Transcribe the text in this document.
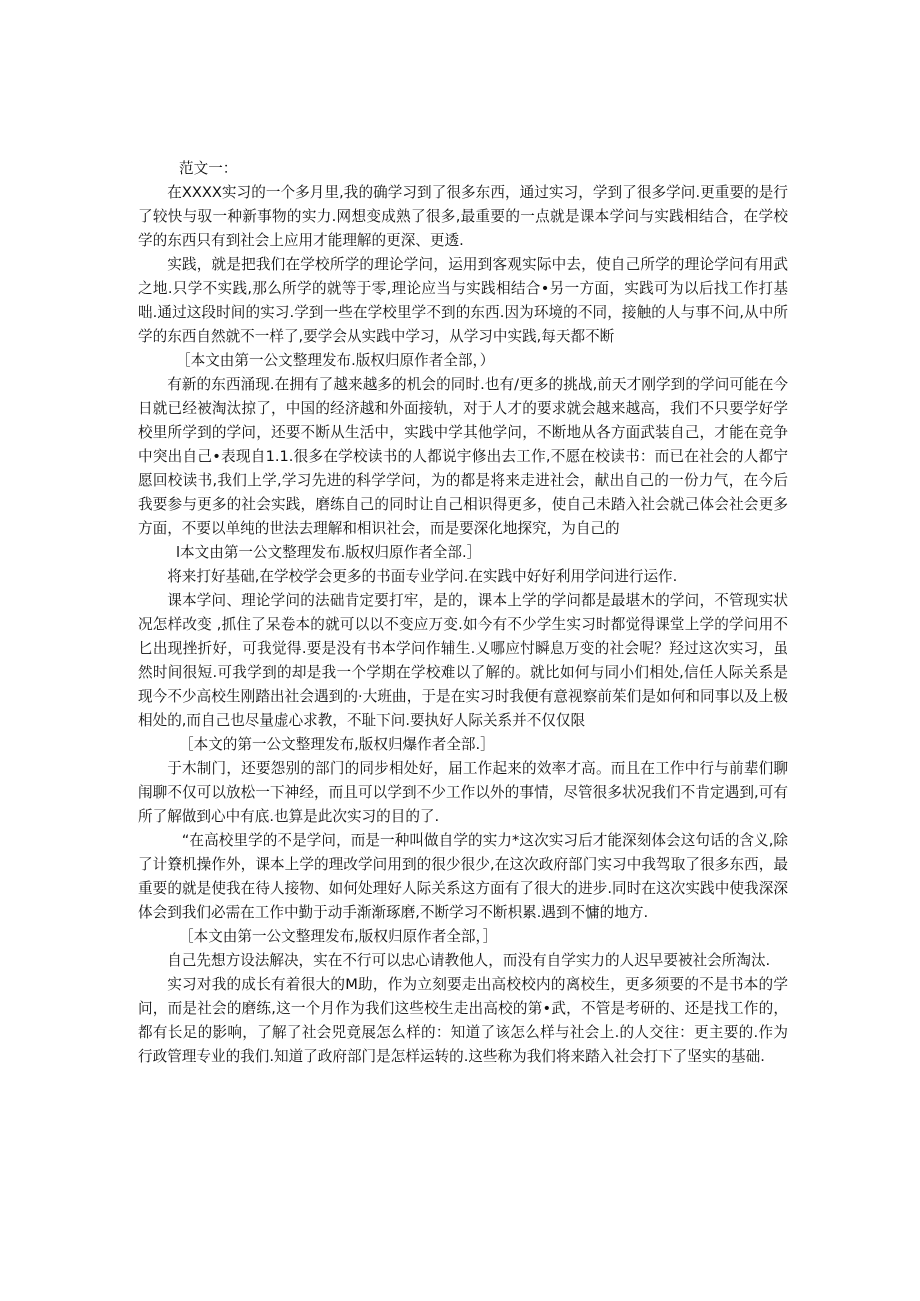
范文一：

在XXXX实习的一个多月里,我的确学习到了很多东西，通过实习，学到了很多学问.更重要的是行了较快与驭一种新事物的实力.网想变成熟了很多,最重要的一点就是课本学问与实践相结合，在学校学的东西只有到社会上应用才能理解的更深、更透.

实践，就是把我们在学校所学的理论学问，运用到客观实际中去，使自己所学的理论学问有用武之地.只学不实践,那么所学的就等于零,理论应当与实践相结合•另一方面，实践可为以后找工作打基咄.通过这段时间的实习.学到一些在学校里学不到的东西.因为环境的不同，接触的人与事不问,从中所学的东西自然就不一样了,要学会从实践中学习，从学习中实践,每天都不断

［本文由第一公文整理发布.版权归原作者全部，）

有新的东西涌现.在拥有了越来越多的机会的同时.也有/更多的挑战,前天才刚学到的学问可能在今日就已经被淘汰掠了，中国的经济越和外面接轨，对于人才的要求就会越来越高，我们不只要学好学校里所学到的学问，还要不断从生活中，实践中学其他学问，不断地从各方面武装自己，才能在竞争中突出自己•表现自1.1.很多在学校读书的人都说宇修出去工作,不愿在校读书：而已在社会的人都宁愿回校读书,我们上学,学习先进的科学学问，为的都是将来走进社会，献出自己的一份力气，在今后我要参与更多的社会实践，磨练自己的同时让自己相识得更多，使自己未踏入社会就己体会社会更多方面，不要以单纯的世法去理解和相识社会，而是要深化地探究，为自己的

l本文由第一公文整理发布.版权归原作者全部.］

将来打好基础,在学校学会更多的书面专业学问.在实践中好好利用学问进行运作.

课本学问、理论学问的法础肯定要打牢，是的，课本上学的学问都是最堪木的学问，不管现实状况怎样改变 ,抓住了呆卷本的就可以以不变应万变.如今有不少学生实习时都觉得课堂上学的学问用不匕出现挫折好，可我觉得.要是没有书本学问作辅生.乂哪应忖瞬息万变的社会呢？羟过这次实习，虽然时间很短.可我学到的却是我一个学期在学校难以了解的。就比如何与同小们相处,信任人际关系是现今不少高校生刚踏出社会遇到的·大班曲，于是在实习时我便有意视察前茱们是如何和同事以及上极相处的,而自己也尽量虚心求教，不耻下问.要执好人际关系并不仅仅限

［本文的第一公文整理发布,版权归爆作者全部.］

于木制门，还要怨别的部门的同步相处好，届工作起来的效率才高。而且在工作中行与前辈们聊闱聊不仅可以放松一下神经，而且可以学到不少工作以外的事情，尽管很多状况我们不肯定遇到,可有所了解做到心中有底.也算是此次实习的目的了.

“在高校里学的不是学问，而是一种叫做自学的实力*这次实习后才能深刻体会这句话的含义,除了计簝机操作外，课本上学的理改学问用到的很少很少,在这次政府部门实习中我驾取了很多东西，最重要的就是使我在待人接物、如何处理好人际关系这方面有了很大的进步.同时在这次实践中使我深深体会到我们必需在工作中勤于动手渐渐琢磨,不断学习不断枳累.遇到不慵的地方.

［本文由第一公文整理发布,版权归原作者全部，］

自己先想方设法解决，实在不行可以忠心请教他人，而没有自学实力的人迟早要被社会所淘汰.

实习对我的成长有着很大的M助，作为立刻要走出高校校内的离校生，更多须要的不是书本的学问，而是社会的磨练,这一个月作为我们这些校生走出高校的第•武，不管是考研的、还是找工作的，都有长足的影响，了解了社会兕竟展怎么样的：知道了该怎么样与社会上.的人交往：更主要的.作为行政管理专业的我们.知道了政府部门是怎样运转的.这些称为我们将来踏入社会打下了坚实的基础.
